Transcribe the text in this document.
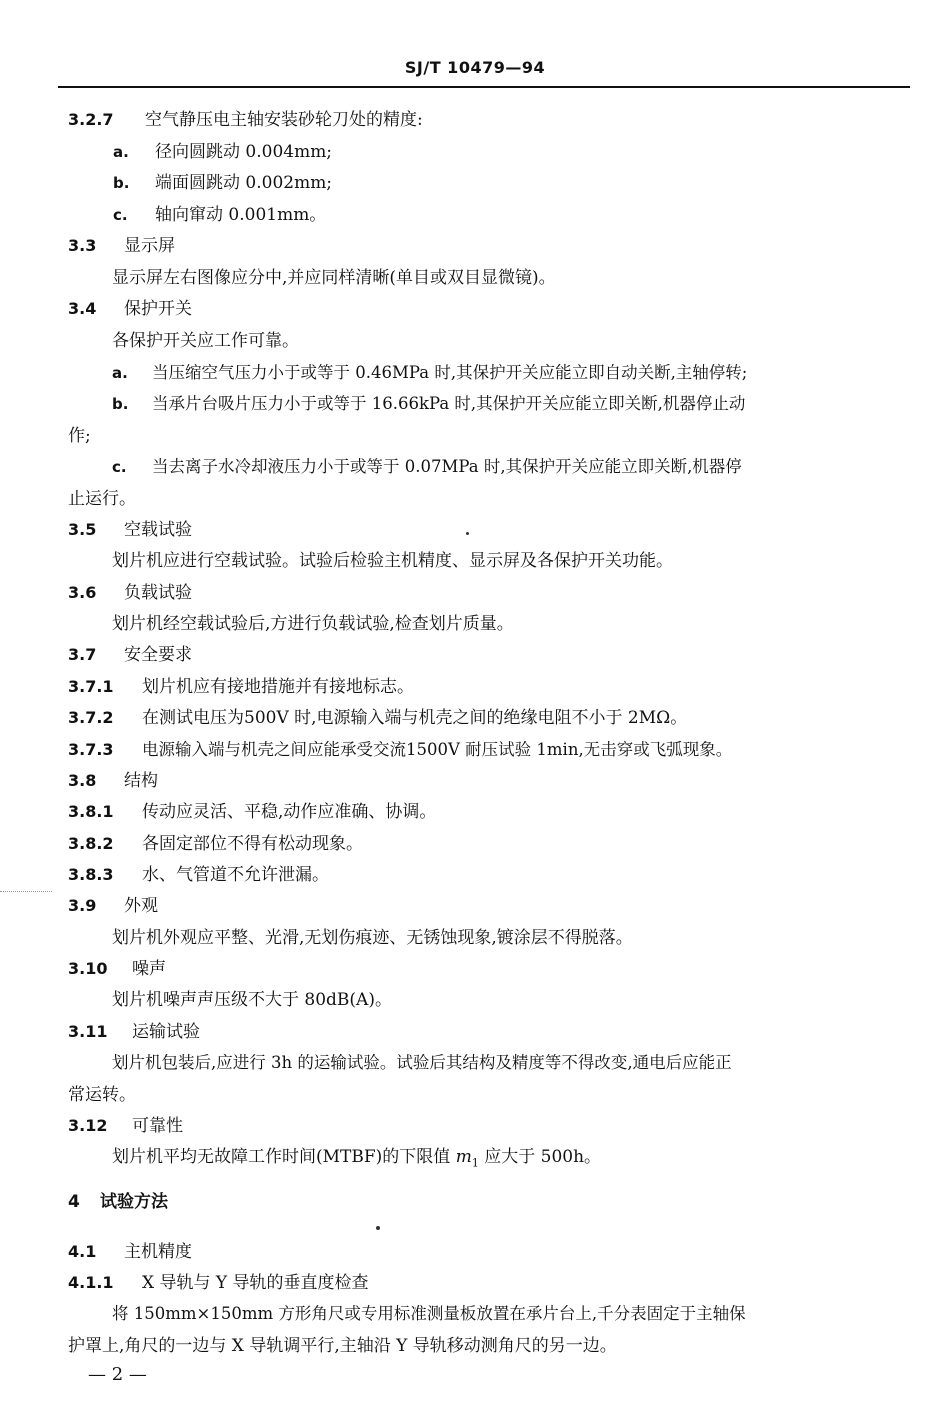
SJ/T 10479—94
3.2.7 空气静压电主轴安装砂轮刀处的精度:
a.	径向圆跳动 0.004mm;
b.	端面圆跳动 0.002mm;
c.	轴向窜动 0.001mm。
3.3 显示屏
显示屏左右图像应分中,并应同样清晰(单目或双目显微镜)。
3.4 保护开关
各保护开关应工作可靠。
a.	当压缩空气压力小于或等于 0.46MPa 时,其保护开关应能立即自动关断,主轴停转;
b.	当承片台吸片压力小于或等于 16.66kPa 时,其保护开关应能立即关断,机器停止动
作;
c.	当去离子水冷却液压力小于或等于 0.07MPa 时,其保护开关应能立即关断,机器停
止运行。
3.5 空载试验
划片机应进行空载试验。试验后检验主机精度、显示屏及各保护开关功能。
3.6 负载试验
划片机经空载试验后,方进行负载试验,检查划片质量。
3.7 安全要求
3.7.1 划片机应有接地措施并有接地标志。
3.7.2 在测试电压为500V 时,电源输入端与机壳之间的绝缘电阻不小于 2MΩ。
3.7.3 电源输入端与机壳之间应能承受交流1500V 耐压试验 1min,无击穿或飞弧现象。
3.8 结构
3.8.1 传动应灵活、平稳,动作应准确、协调。
3.8.2 各固定部位不得有松动现象。
3.8.3 水、气管道不允许泄漏。
3.9 外观
划片机外观应平整、光滑,无划伤痕迹、无锈蚀现象,镀涂层不得脱落。
3.10 噪声
划片机噪声声压级不大于 80dB(A)。
3.11 运输试验
划片机包装后,应进行 3h 的运输试验。试验后其结构及精度等不得改变,通电后应能正
常运转。
3.12 可靠性
划片机平均无故障工作时间(MTBF)的下限值 $m_1$ 应大于 500h。
4 试验方法
4.1 主机精度
4.1.1 X 导轨与 Y 导轨的垂直度检查
将 150mm×150mm 方形角尺或专用标准测量板放置在承片台上,千分表固定于主轴保
护罩上,角尺的一边与 X 导轨调平行,主轴沿 Y 导轨移动测角尺的另一边。
— 2 —
